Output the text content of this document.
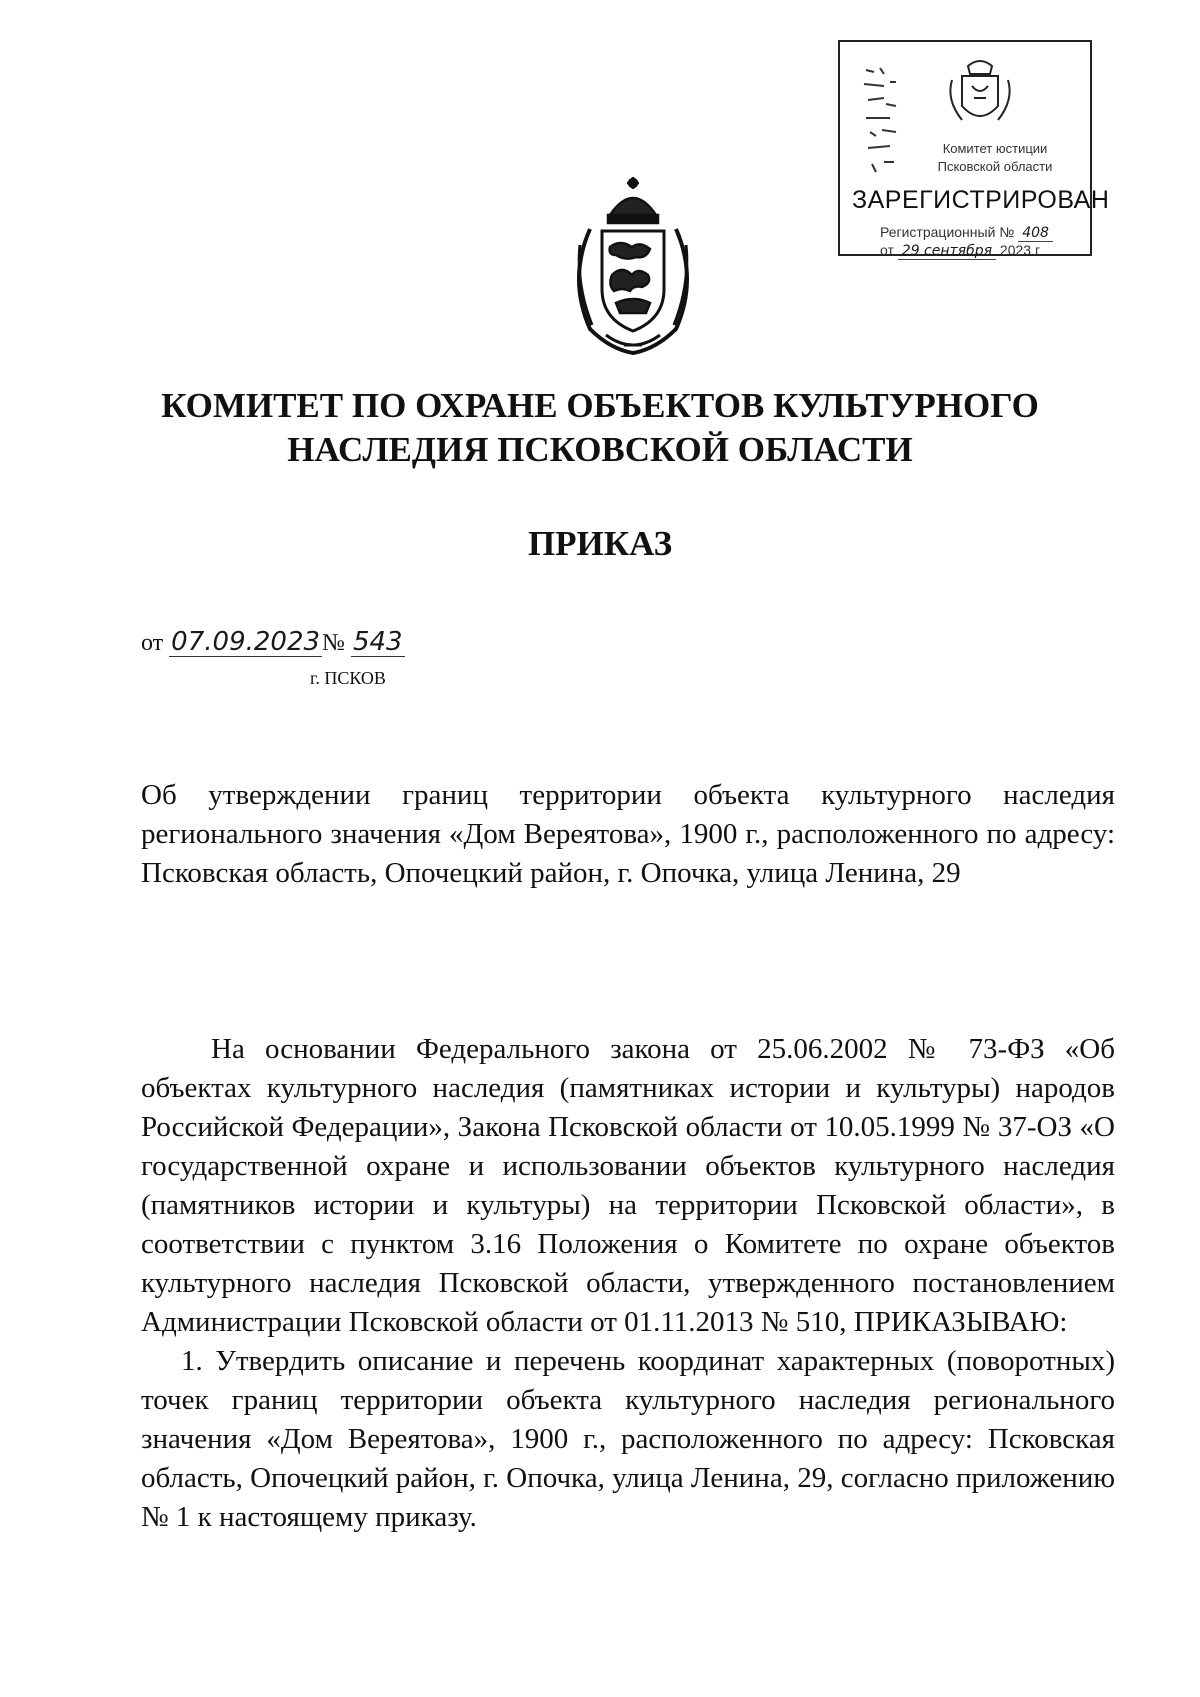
Комитет юстиции
Псковской области
ЗАРЕГИСТРИРОВАН
Регистрационный № 408
от 29 сентября 2023 г
КОМИТЕТ ПО ОХРАНЕ ОБЪЕКТОВ КУЛЬТУРНОГО НАСЛЕДИЯ ПСКОВСКОЙ ОБЛАСТИ
ПРИКАЗ
от 07.09.2023№ 543
г. ПСКОВ
Об утверждении границ территории объекта культурного наследия регионального значения «Дом Вереятова», 1900 г., расположенного по адресу: Псковская область, Опочецкий район, г. Опочка, улица Ленина, 29

На основании Федерального закона от 25.06.2002 № 73-ФЗ «Об объектах культурного наследия (памятниках истории и культуры) народов Российской Федерации», Закона Псковской области от 10.05.1999 № 37-ОЗ «О государственной охране и использовании объектов культурного наследия (памятников истории и культуры) на территории Псковской области», в соответствии с пунктом 3.16 Положения о Комитете по охране объектов культурного наследия Псковской области, утвержденного постановлением Администрации Псковской области от 01.11.2013 № 510, ПРИКАЗЫВАЮ:

1. Утвердить описание и перечень координат характерных (поворотных) точек границ территории объекта культурного наследия регионального значения «Дом Вереятова», 1900 г., расположенного по адресу: Псковская область, Опочецкий район, г. Опочка, улица Ленина, 29, согласно приложению № 1 к настоящему приказу.
